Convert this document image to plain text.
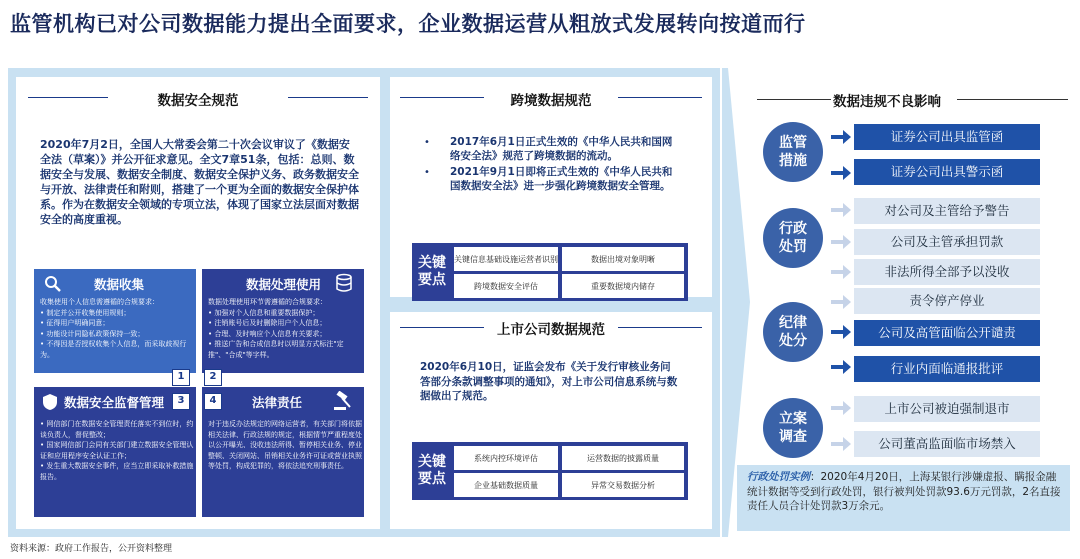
监管机构已对公司数据能力提出全面要求，企业数据运营从粗放式发展转向按道而行
数据安全规范
2020年7月2日，全国人大常委会第二十次会议审议了《数据安全法（草案）》并公开征求意见。全文7章51条，包括：总则、数据安全与发展、数据安全制度、数据安全保护义务、政务数据安全与开放、法律责任和附则，搭建了一个更为全面的数据安全保护体系。作为在数据安全领域的专项立法，体现了国家立法层面对数据安全的高度重视。
数据收集
收集使用个人信息需遵循的合规要求：
• 制定并公开收集使用规则；
• 征得用户明确同意；
• 功能设计同隐私政策保持一致；
• 不得因是否授权收集个人信息，而采取歧视行为。
数据处理使用
数据处理使用环节需遵循的合规要求：
• 加强对个人信息和重要数据保护；
• 注销账号后及时删除用户个人信息；
• 合理、及时响应个人信息有关要求；
• 推送广告和合成信息时以明显方式标注"定推"、"合成"等字样。
数据安全监督管理
• 网信部门在数据安全管理责任落实不到位时，约谈负责人，督促整改；
• 国家网信部门会同有关部门建立数据安全管理认证和应用程序安全认证工作；
• 发生重大数据安全事件，应当立即采取补救措施报告。
法律责任
对于违反办法规定的网络运营者，有关部门将依据相关法律、行政法规的规定，根据情节严重程度处以公开曝光、没收违法所得、暂停相关业务、停业整顿、关闭网站、吊销相关业务许可证或营业执照等处罚，构成犯罪的，将依法追究刑事责任。
1	2
3	4
跨境数据规范
• 2017年6月1日正式生效的《中华人民共和国网络安全法》规范了跨境数据的流动。
• 2021年9月1日即将正式生效的《中华人民共和国数据安全法》进一步强化跨境数据安全管理。
关键要点
关键信息基础设施运营者识别	数据出境对象明晰
跨境数据安全评估	重要数据境内储存
上市公司数据规范
2020年6月10日，证监会发布《关于发行审核业务问答部分条款调整事项的通知》，对上市公司信息系统与数据做出了规范。
关键要点
系统内控环境评估	运营数据的披露质量
企业基础数据质量	异常交易数据分析
数据违规不良影响
监管措施
证券公司出具监管函
证券公司出具警示函
行政处罚
对公司及主管给予警告
公司及主管承担罚款
非法所得全部予以没收
责令停产停业
纪律处分
公司及高管面临公开谴责
行业内面临通报批评
立案调查
上市公司被迫强制退市
公司董高监面临市场禁入
行政处罚实例：2020年4月20日，上海某银行涉嫌虚报、瞒报金融统计数据等受到行政处罚，银行被判处罚款93.6万元罚款，2名直接责任人员合计处罚款3万余元。
资料来源：政府工作报告，公开资料整理
